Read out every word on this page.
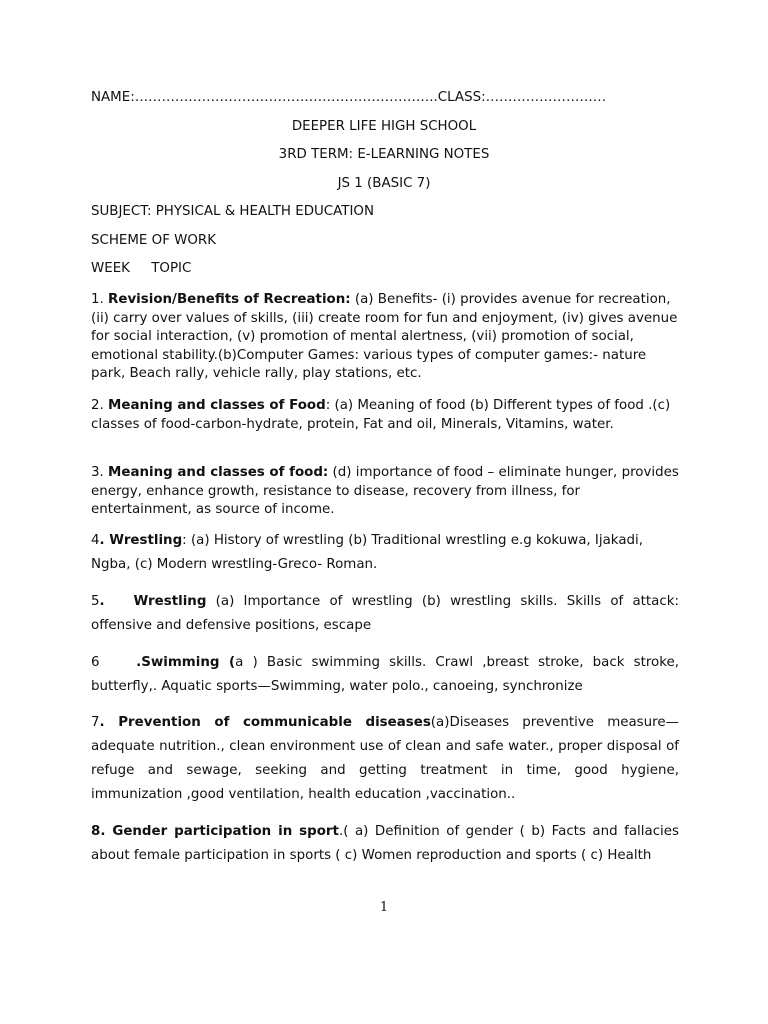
NAME:…………………………………………………………..CLASS:………………………
DEEPER LIFE HIGH SCHOOL
3RD TERM: E-LEARNING NOTES
JS 1 (BASIC 7)
SUBJECT: PHYSICAL & HEALTH EDUCATION
SCHEME OF WORK
WEEK     TOPIC
1. Revision/Benefits of Recreation: (a) Benefits- (i) provides avenue for recreation, (ii) carry over values of skills, (iii) create room for fun and enjoyment, (iv) gives avenue for social interaction, (v) promotion of mental alertness, (vii) promotion of social, emotional stability.(b)Computer Games: various types of computer games:- nature park, Beach rally, vehicle rally, play stations, etc.
2. Meaning and classes of Food: (a) Meaning of food (b) Different types of food .(c) classes of food-carbon-hydrate, protein, Fat and oil, Minerals, Vitamins, water.
3. Meaning and classes of food: (d) importance of food – eliminate hunger, provides energy, enhance growth, resistance to disease, recovery from illness, for entertainment, as source of income.
4. Wrestling: (a) History of wrestling (b) Traditional wrestling e.g kokuwa, Ijakadi, Ngba, (c) Modern wrestling-Greco- Roman.
5.   Wrestling (a) Importance of wrestling (b) wrestling skills. Skills of attack: offensive and defensive positions, escape
6    .Swimming (a ) Basic swimming skills. Crawl ,breast stroke, back stroke, butterfly,. Aquatic sports—Swimming, water polo., canoeing, synchronize
7. Prevention of communicable diseases(a)Diseases preventive measure—adequate nutrition., clean environment use of clean and safe water., proper disposal of refuge and sewage, seeking and getting treatment in time, good hygiene, immunization ,good ventilation, health education ,vaccination..
8. Gender participation in sport.( a) Definition of gender ( b) Facts and fallacies about female participation in sports ( c) Women reproduction and sports ( c) Health
1
